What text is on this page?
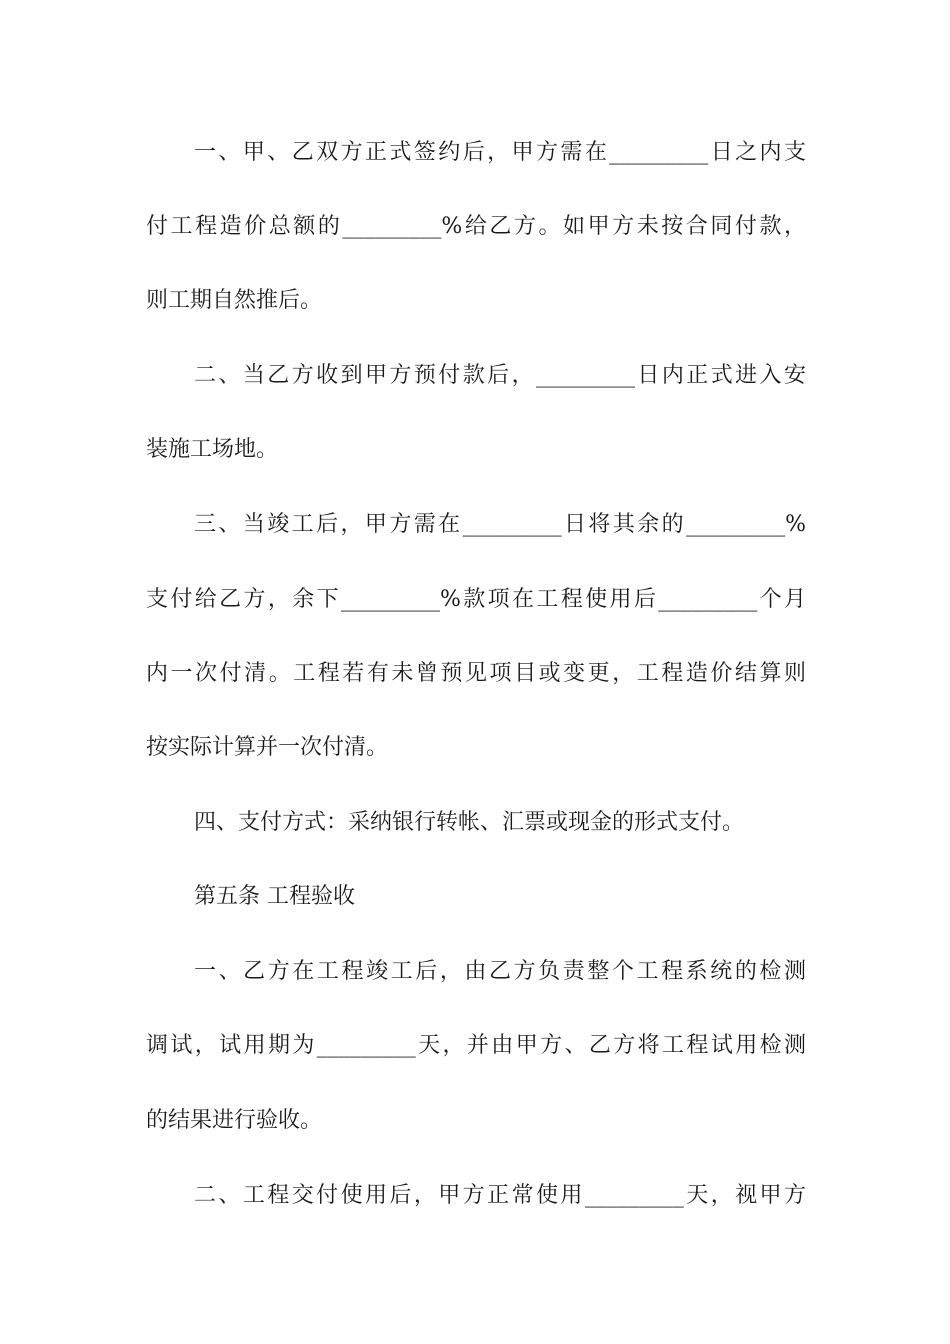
一、甲、乙双方正式签约后，甲方需在_________日之内支
付工程造价总额的_________%给乙方。如甲方未按合同付款，
则工期自然推后。
二、当乙方收到甲方预付款后，_________日内正式进入安
装施工场地。
三、当竣工后，甲方需在_________日将其余的_________%
支付给乙方，余下_________%款项在工程使用后_________个月
内一次付清。工程若有未曾预见项目或变更，工程造价结算则
按实际计算并一次付清。
四、支付方式：采纳银行转帐、汇票或现金的形式支付。
第五条 工程验收
一、乙方在工程竣工后，由乙方负责整个工程系统的检测
调试，试用期为_________天，并由甲方、乙方将工程试用检测
的结果进行验收。
二、工程交付使用后，甲方正常使用_________天，视甲方
